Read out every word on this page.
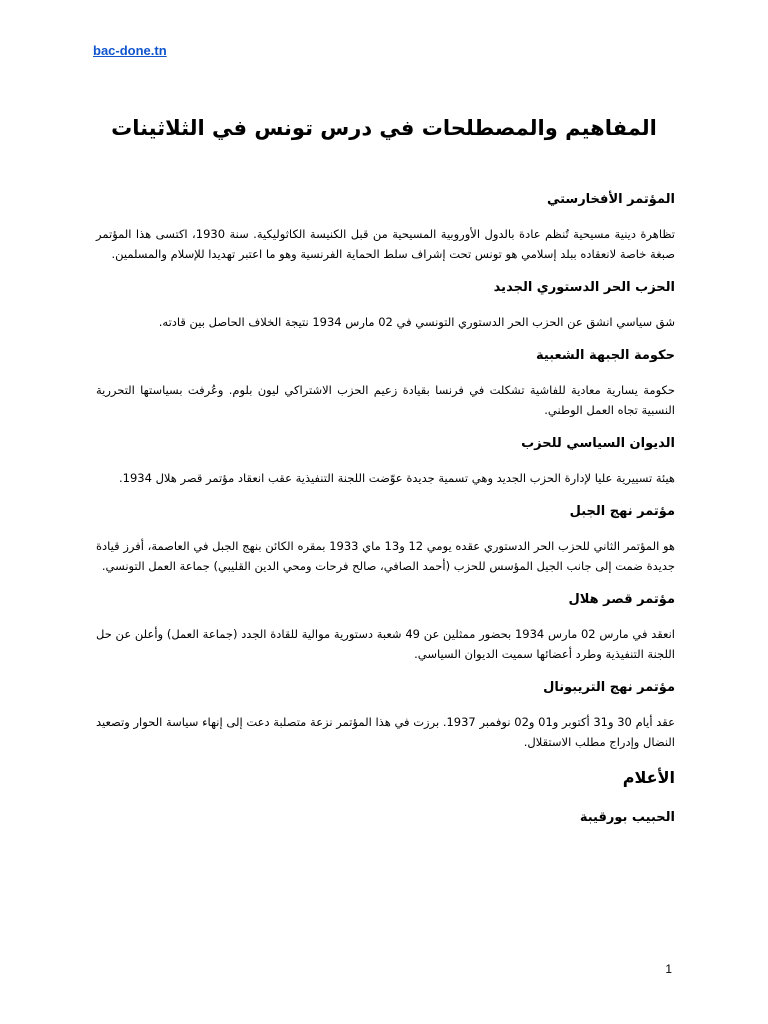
bac-done.tn
المفاهيم والمصطلحات في درس تونس في الثلاثينات
المؤتمر الأفخارستي

تظاهرة دينية مسيحية تُنظم عادة بالدول الأوروبية المسيحية من قبل الكنيسة الكاثوليكية. سنة 1930، اكتسى هذا المؤتمر صبغة خاصة لانعقاده ببلد إسلامي هو تونس تحت إشراف سلط الحماية الفرنسية وهو ما اعتبر تهديدا للإسلام والمسلمين.

الحزب الحر الدستوري الجديد

شق سياسي انشق عن الحزب الحر الدستوري التونسي في 02 مارس 1934 نتيجة الخلاف الحاصل بين قادته.

حكومة الجبهة الشعبية

حكومة يسارية معادية للفاشية تشكلت في فرنسا بقيادة زعيم الحزب الاشتراكي ليون بلوم. وعُرفت بسياستها التحررية النسبية تجاه العمل الوطني.

الديوان السياسي للحزب

هيئة تسييرية عليا لإدارة الحزب الجديد وهي تسمية جديدة عوّضت اللجنة التنفيذية عقب انعقاد مؤتمر قصر هلال 1934.

مؤتمر نهج الجبل

هو المؤتمر الثاني للحزب الحر الدستوري عقده يومي 12 و13 ماي 1933 بمقره الكائن بنهج الجبل في العاصمة، أفرز قيادة جديدة ضمت إلى جانب الجيل المؤسس للحزب (أحمد الصافي، صالح فرحات ومحي الدين القليبي) جماعة العمل التونسي.

مؤتمر قصر هلال

انعقد في مارس 02 مارس 1934 بحضور ممثلين عن 49 شعبة دستورية موالية للقادة الجدد (جماعة العمل) وأعلن عن حل اللجنة التنفيذية وطرد أعضائها سميت الديوان السياسي.

مؤتمر نهج التريبونال

عقد أيام 30 و31 أكتوبر و01 و02 نوفمبر 1937. برزت في هذا المؤتمر نزعة متصلبة دعت إلى إنهاء سياسة الحوار وتصعيد النضال وإدراج مطلب الاستقلال.

الأعلام
الحبيب بورقيبة
1
